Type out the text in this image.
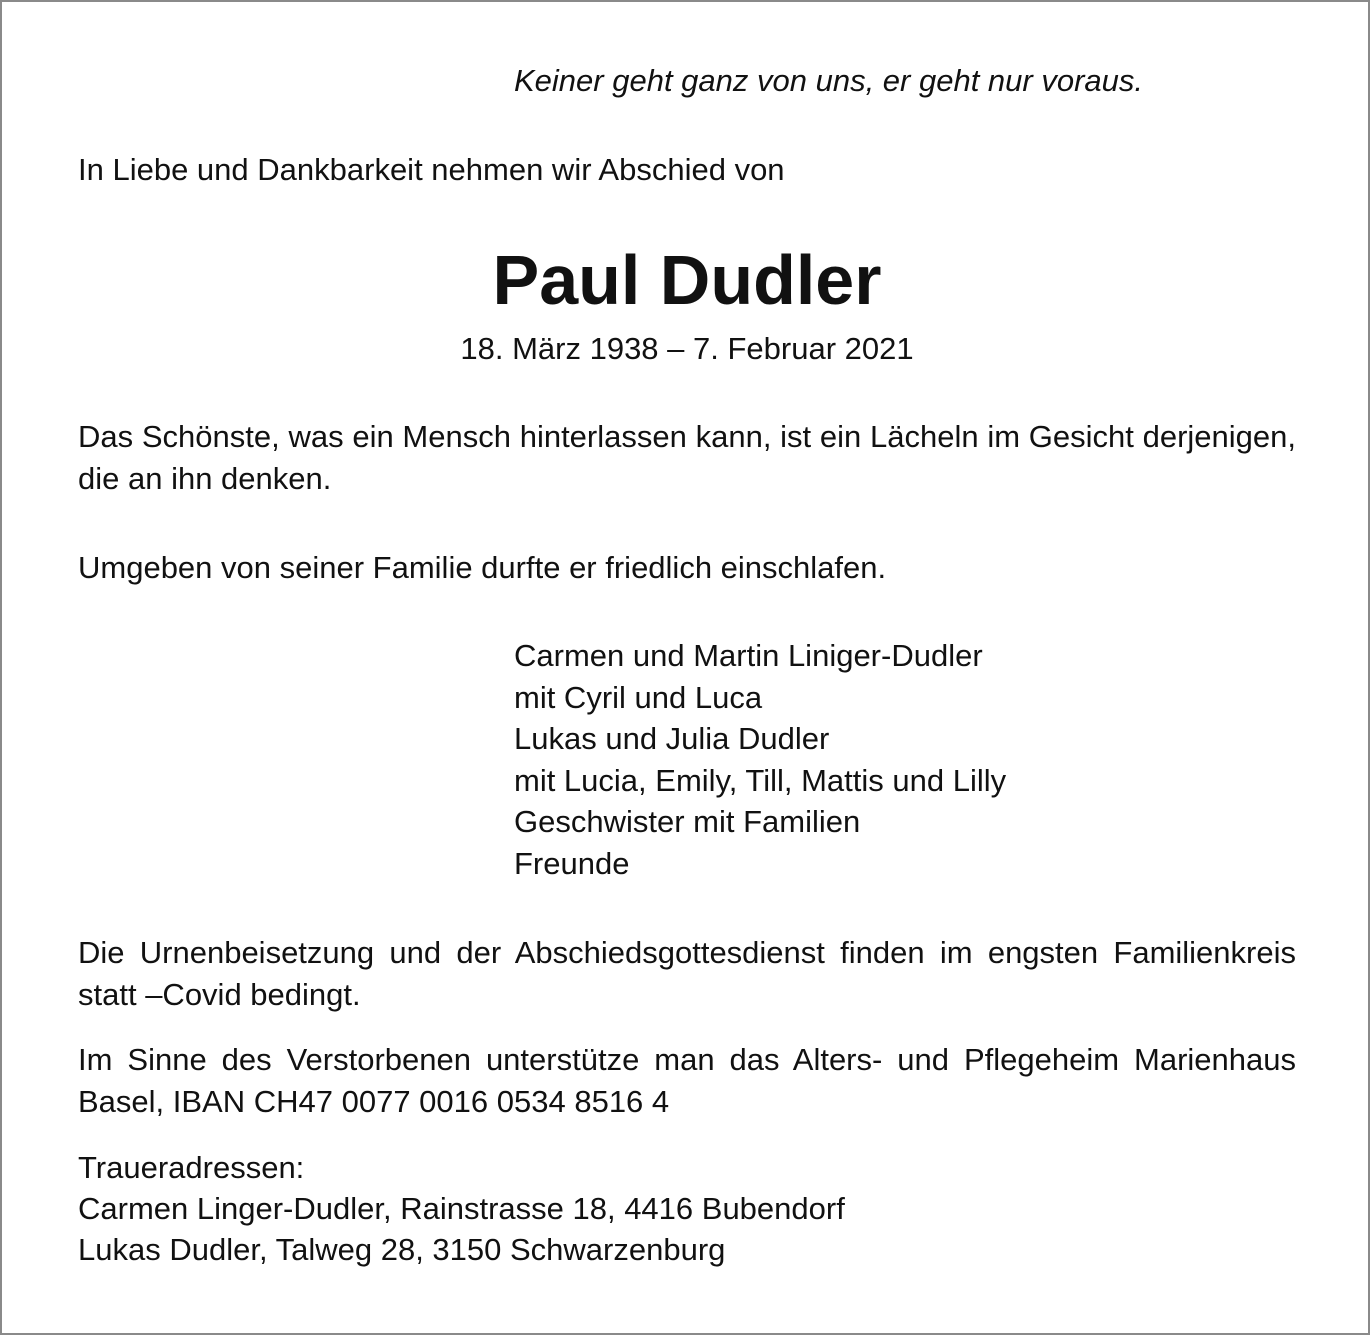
Keiner geht ganz von uns, er geht nur voraus.
In Liebe und Dankbarkeit nehmen wir Abschied von
Paul Dudler
18. März 1938 – 7. Februar 2021
Das Schönste, was ein Mensch hinterlassen kann, ist ein Lächeln im Gesicht derjenigen, die an ihn denken.
Umgeben von seiner Familie durfte er friedlich einschlafen.
Carmen und Martin Liniger-Dudler
mit Cyril und Luca
Lukas und Julia Dudler
mit Lucia, Emily, Till, Mattis und Lilly
Geschwister mit Familien
Freunde
Die Urnenbeisetzung und der Abschiedsgottesdienst finden im engsten Familienkreis statt –Covid bedingt.
Im Sinne des Verstorbenen unterstütze man das Alters- und Pflegeheim Marienhaus Basel, IBAN CH47 0077 0016 0534 8516 4
Traueradressen:
Carmen Linger-Dudler, Rainstrasse 18, 4416 Bubendorf
Lukas Dudler, Talweg 28, 3150 Schwarzenburg
